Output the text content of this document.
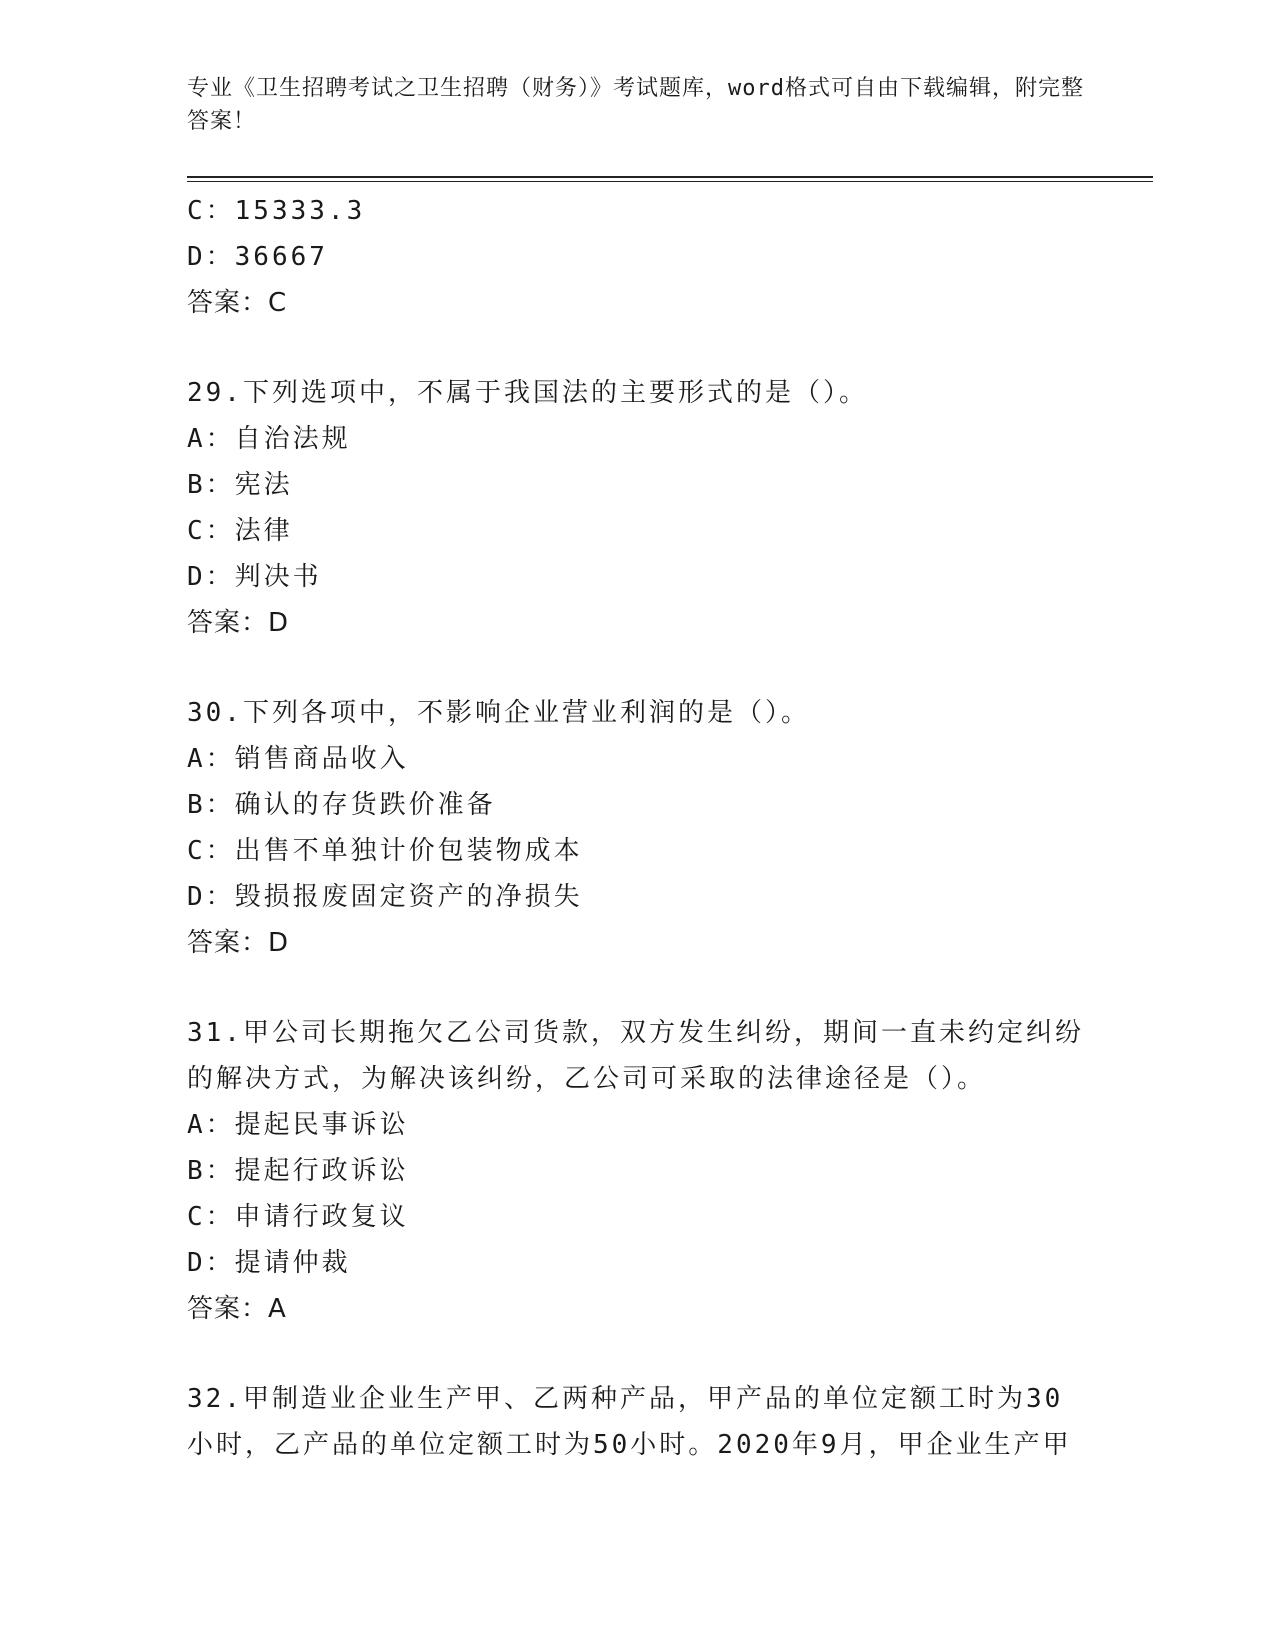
专业《卫生招聘考试之卫生招聘（财务）》考试题库，word格式可自由下载编辑，附完整答案！
C：15333.3
D：36667
答案：C
29.下列选项中，不属于我国法的主要形式的是（）。
A：自治法规
B：宪法
C：法律
D：判决书
答案：D
30.下列各项中，不影响企业营业利润的是（）。
A：销售商品收入
B：确认的存货跌价准备
C：出售不单独计价包装物成本
D：毁损报废固定资产的净损失
答案：D
31.甲公司长期拖欠乙公司货款，双方发生纠纷，期间一直未约定纠纷的解决方式，为解决该纠纷，乙公司可采取的法律途径是（）。
A：提起民事诉讼
B：提起行政诉讼
C：申请行政复议
D：提请仲裁
答案：A
32.甲制造业企业生产甲、乙两种产品，甲产品的单位定额工时为30小时，乙产品的单位定额工时为50小时。2020年9月，甲企业生产甲
